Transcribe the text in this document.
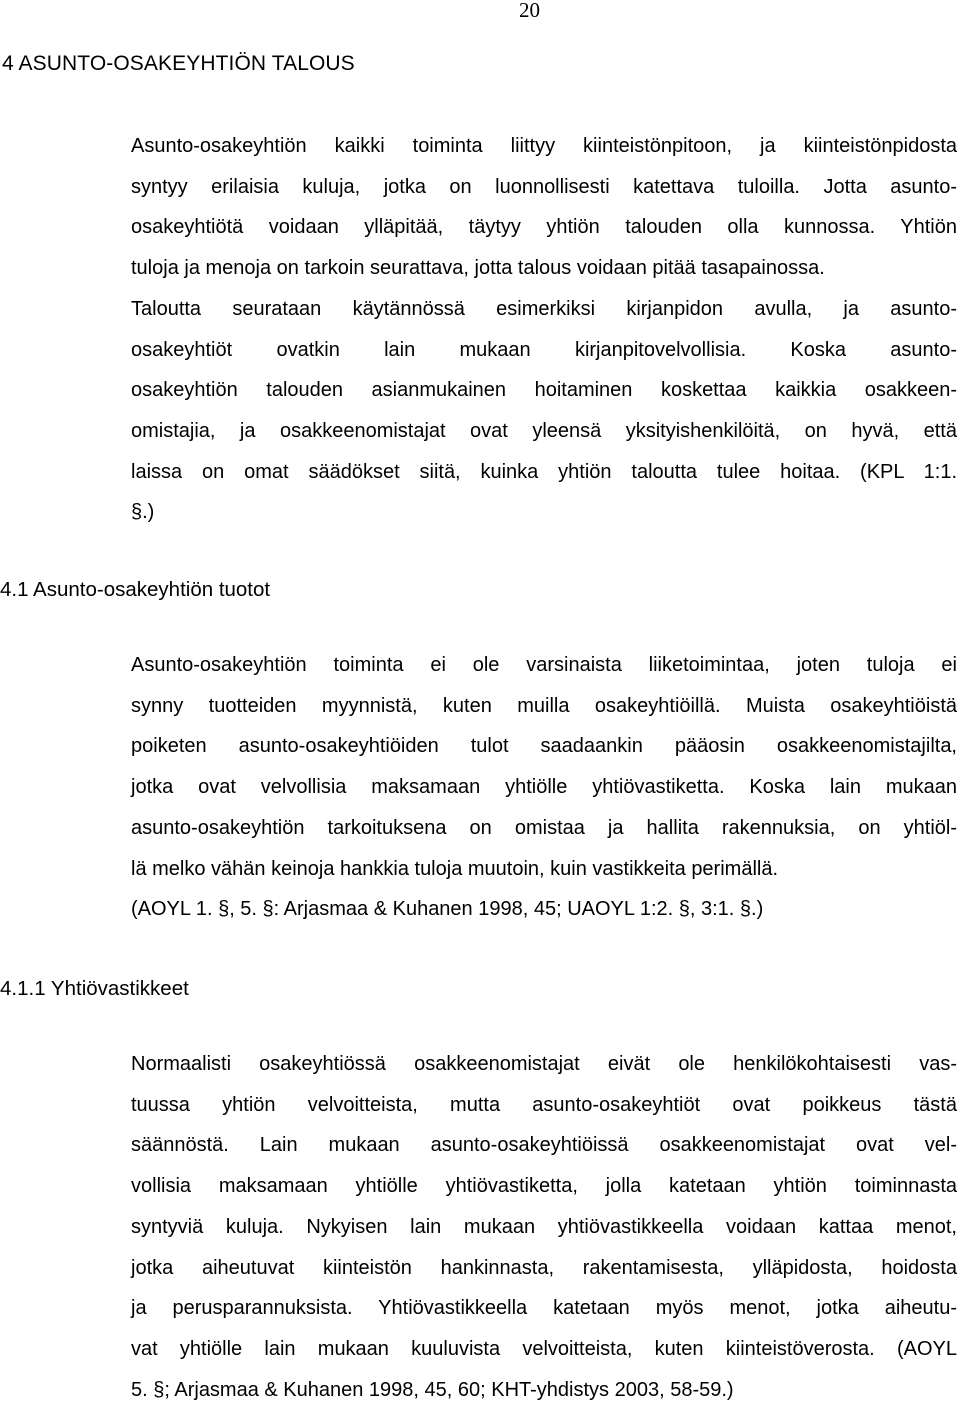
20
4 ASUNTO-OSAKEYHTIÖN TALOUS

Asunto-osakeyhtiön kaikki toiminta liittyy kiinteistönpitoon, ja kiinteistönpidosta
syntyy erilaisia kuluja, jotka on luonnollisesti katettava tuloilla. Jotta asunto-
osakeyhtiötä voidaan ylläpitää, täytyy yhtiön talouden olla kunnossa. Yhtiön
tuloja ja menoja on tarkoin seurattava, jotta talous voidaan pitää tasapainossa.
Taloutta seurataan käytännössä esimerkiksi kirjanpidon avulla, ja asunto-
osakeyhtiöt ovatkin lain mukaan kirjanpitovelvollisia. Koska asunto-
osakeyhtiön talouden asianmukainen hoitaminen koskettaa kaikkia osakkeen-
omistajia, ja osakkeenomistajat ovat yleensä yksityishenkilöitä, on hyvä, että
laissa on omat säädökset siitä, kuinka yhtiön taloutta tulee hoitaa. (KPL 1:1.
§.)

4.1 Asunto-osakeyhtiön tuotot

Asunto-osakeyhtiön toiminta ei ole varsinaista liiketoimintaa, joten tuloja ei
synny tuotteiden myynnistä, kuten muilla osakeyhtiöillä. Muista osakeyhtiöistä
poiketen asunto-osakeyhtiöiden tulot saadaankin pääosin osakkeenomistajilta,
jotka ovat velvollisia maksamaan yhtiölle yhtiövastiketta. Koska lain mukaan
asunto-osakeyhtiön tarkoituksena on omistaa ja hallita rakennuksia, on yhtiöl-
lä melko vähän keinoja hankkia tuloja muutoin, kuin vastikkeita perimällä.
(AOYL 1. §, 5. §: Arjasmaa & Kuhanen 1998, 45; UAOYL 1:2. §, 3:1. §.)

4.1.1 Yhtiövastikkeet

Normaalisti osakeyhtiössä osakkeenomistajat eivät ole henkilökohtaisesti vas-
tuussa yhtiön velvoitteista, mutta asunto-osakeyhtiöt ovat poikkeus tästä
säännöstä. Lain mukaan asunto-osakeyhtiöissä osakkeenomistajat ovat vel-
vollisia maksamaan yhtiölle yhtiövastiketta, jolla katetaan yhtiön toiminnasta
syntyviä kuluja. Nykyisen lain mukaan yhtiövastikkeella voidaan kattaa menot,
jotka aiheutuvat kiinteistön hankinnasta, rakentamisesta, ylläpidosta, hoidosta
ja perusparannuksista. Yhtiövastikkeella katetaan myös menot, jotka aiheutu-
vat yhtiölle lain mukaan kuuluvista velvoitteista, kuten kiinteistöverosta. (AOYL
5. §; Arjasmaa & Kuhanen 1998, 45, 60; KHT-yhdistys 2003, 58-59.)
